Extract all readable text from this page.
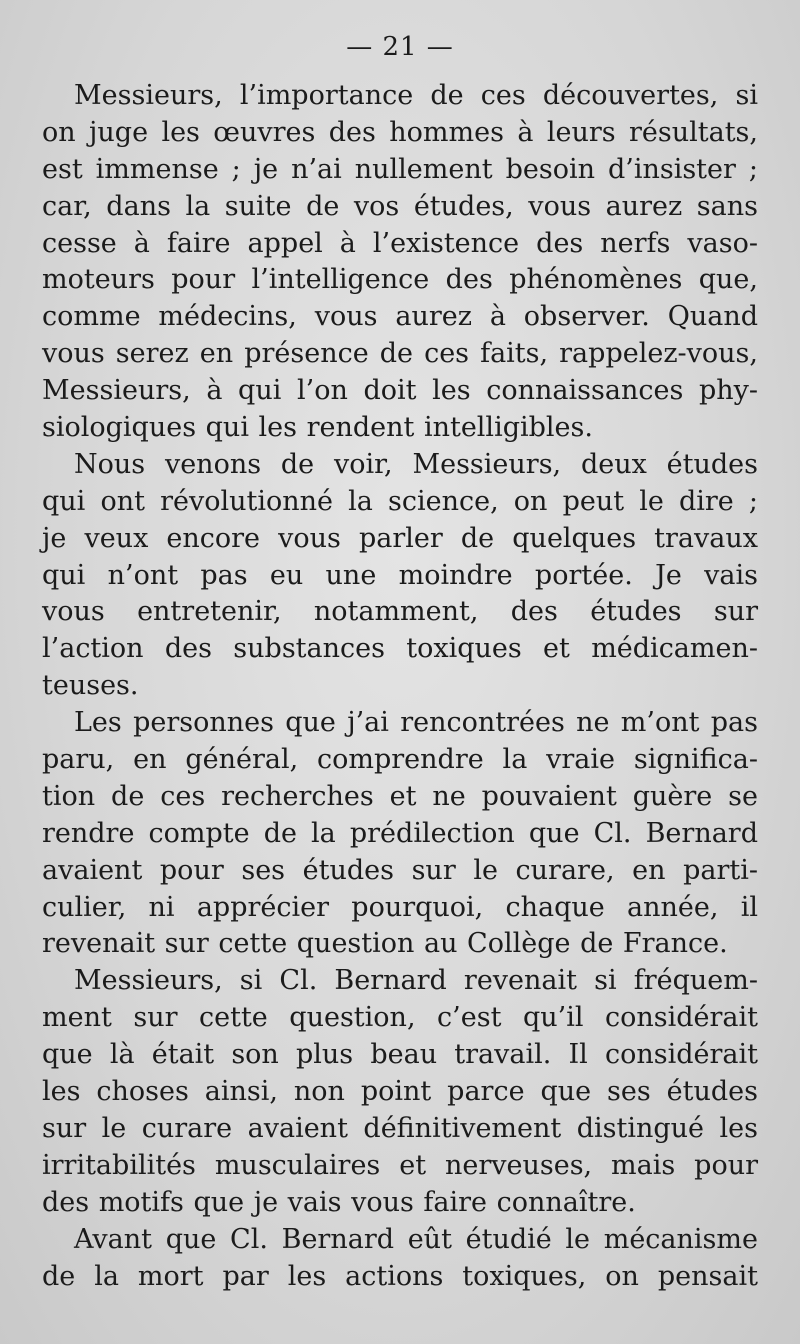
— 21 —
Messieurs, l’importance de ces découvertes, si
on juge les œuvres des hommes à leurs résultats,
est immense ; je n’ai nullement besoin d’insister ;
car, dans la suite de vos études, vous aurez sans
cesse à faire appel à l’existence des nerfs vaso-
moteurs pour l’intelligence des phénomènes que,
comme médecins, vous aurez à observer. Quand
vous serez en présence de ces faits, rappelez-vous,
Messieurs, à qui l’on doit les connaissances phy-
siologiques qui les rendent intelligibles.
Nous venons de voir, Messieurs, deux études
qui ont révolutionné la science, on peut le dire ;
je veux encore vous parler de quelques travaux
qui n’ont pas eu une moindre portée. Je vais
vous entretenir, notamment, des études sur
l’action des substances toxiques et médicamen-
teuses.
Les personnes que j’ai rencontrées ne m’ont pas
paru, en général, comprendre la vraie significa-
tion de ces recherches et ne pouvaient guère se
rendre compte de la prédilection que Cl. Bernard
avaient pour ses études sur le curare, en parti-
culier, ni apprécier pourquoi, chaque année, il
revenait sur cette question au Collège de France.
Messieurs, si Cl. Bernard revenait si fréquem-
ment sur cette question, c’est qu’il considérait
que là était son plus beau travail. Il considérait
les choses ainsi, non point parce que ses études
sur le curare avaient définitivement distingué les
irritabilités musculaires et nerveuses, mais pour
des motifs que je vais vous faire connaître.
Avant que Cl. Bernard eût étudié le mécanisme
de la mort par les actions toxiques, on pensait
